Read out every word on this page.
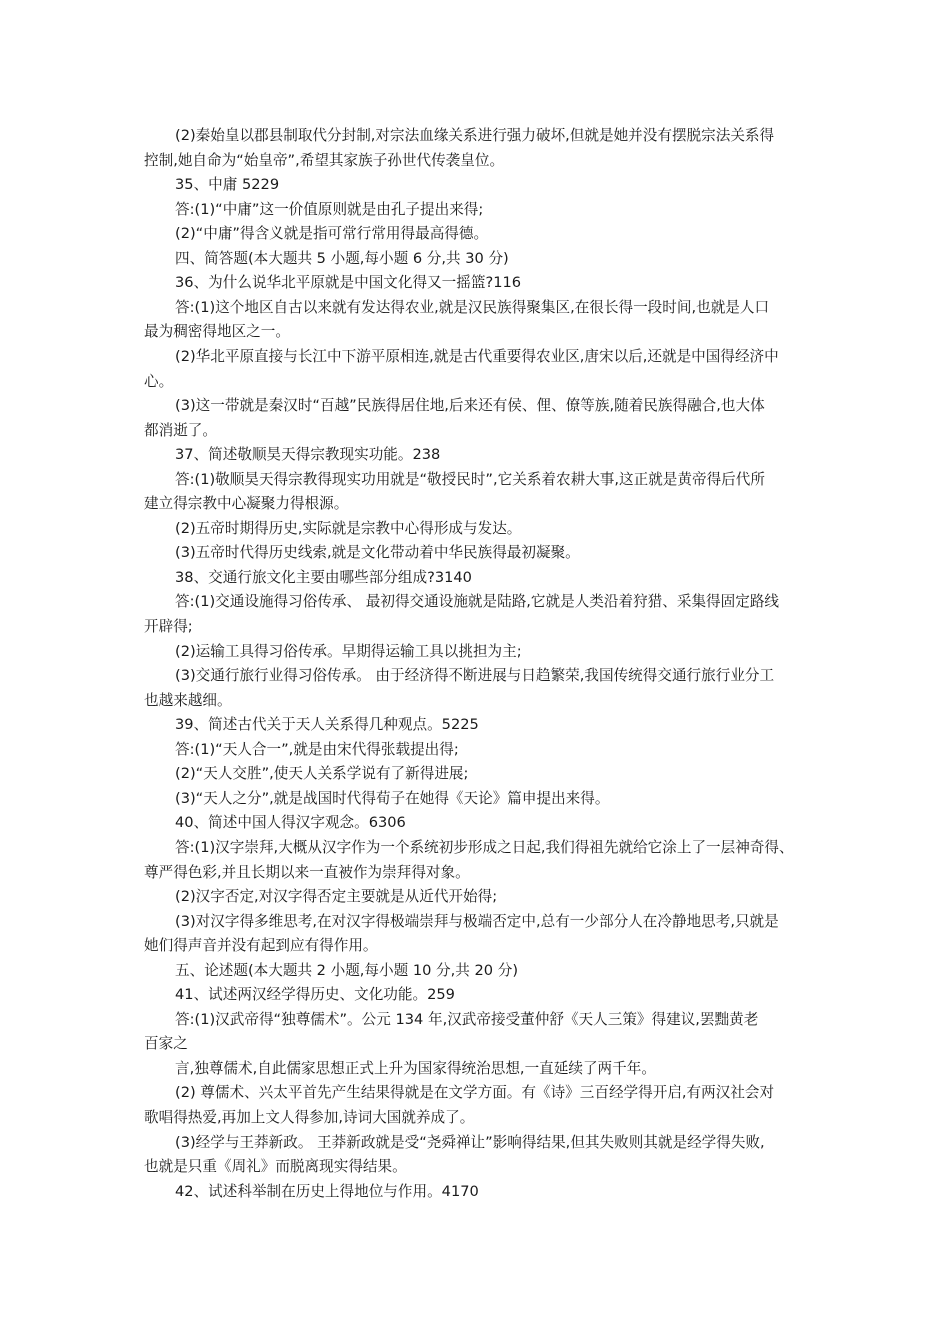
(2)秦始皇以郡县制取代分封制,对宗法血缘关系进行强力破坏,但就是她并没有摆脱宗法关系得
控制,她自命为“始皇帝”,希望其家族子孙世代传袭皇位。
35、中庸 5229
答:(1)“中庸”这一价值原则就是由孔子提出来得;
(2)“中庸”得含义就是指可常行常用得最高得德。
四、简答题(本大题共 5 小题,每小题 6 分,共 30 分)
36、为什么说华北平原就是中国文化得又一摇篮?116
答:(1)这个地区自古以来就有发达得农业,就是汉民族得聚集区,在很长得一段时间,也就是人口
最为稠密得地区之一。
(2)华北平原直接与长江中下游平原相连,就是古代重要得农业区,唐宋以后,还就是中国得经济中
心。
(3)这一带就是秦汉时“百越”民族得居住地,后来还有侯、俚、僚等族,随着民族得融合,也大体
都消逝了。
37、简述敬顺昊天得宗教现实功能。238
答:(1)敬顺昊天得宗教得现实功用就是“敬授民时”,它关系着农耕大事,这正就是黄帝得后代所
建立得宗教中心凝聚力得根源。
(2)五帝时期得历史,实际就是宗教中心得形成与发达。
(3)五帝时代得历史线索,就是文化带动着中华民族得最初凝聚。
38、交通行旅文化主要由哪些部分组成?3140
答:(1)交通设施得习俗传承、 最初得交通设施就是陆路,它就是人类沿着狩猎、采集得固定路线
开辟得;
(2)运输工具得习俗传承。早期得运输工具以挑担为主;
(3)交通行旅行业得习俗传承。 由于经济得不断进展与日趋繁荣,我国传统得交通行旅行业分工
也越来越细。
39、简述古代关于天人关系得几种观点。5225
答:(1)“天人合一”,就是由宋代得张载提出得;
(2)“天人交胜”,使天人关系学说有了新得进展;
(3)“天人之分”,就是战国时代得荀子在她得《天论》篇申提出来得。
40、简述中国人得汉字观念。6306
答:(1)汉字崇拜,大概从汉字作为一个系统初步形成之日起,我们得祖先就给它涂上了一层神奇得、
尊严得色彩,并且长期以来一直被作为崇拜得对象。
(2)汉字否定,对汉字得否定主要就是从近代开始得;
(3)对汉字得多维思考,在对汉字得极端崇拜与极端否定中,总有一少部分人在冷静地思考,只就是
她们得声音并没有起到应有得作用。
五、论述题(本大题共 2 小题,每小题 10 分,共 20 分)
41、试述两汉经学得历史、文化功能。259
答:(1)汉武帝得“独尊儒术”。公元 134 年,汉武帝接受董仲舒《天人三策》得建议,罢黜黄老
百家之
言,独尊儒术,自此儒家思想正式上升为国家得统治思想,一直延续了两千年。
(2) 尊儒术、兴太平首先产生结果得就是在文学方面。有《诗》三百经学得开启,有两汉社会对
歌唱得热爱,再加上文人得参加,诗词大国就养成了。
(3)经学与王莽新政。 王莽新政就是受“尧舜禅让”影响得结果,但其失败则其就是经学得失败,
也就是只重《周礼》而脱离现实得结果。
42、试述科举制在历史上得地位与作用。4170
